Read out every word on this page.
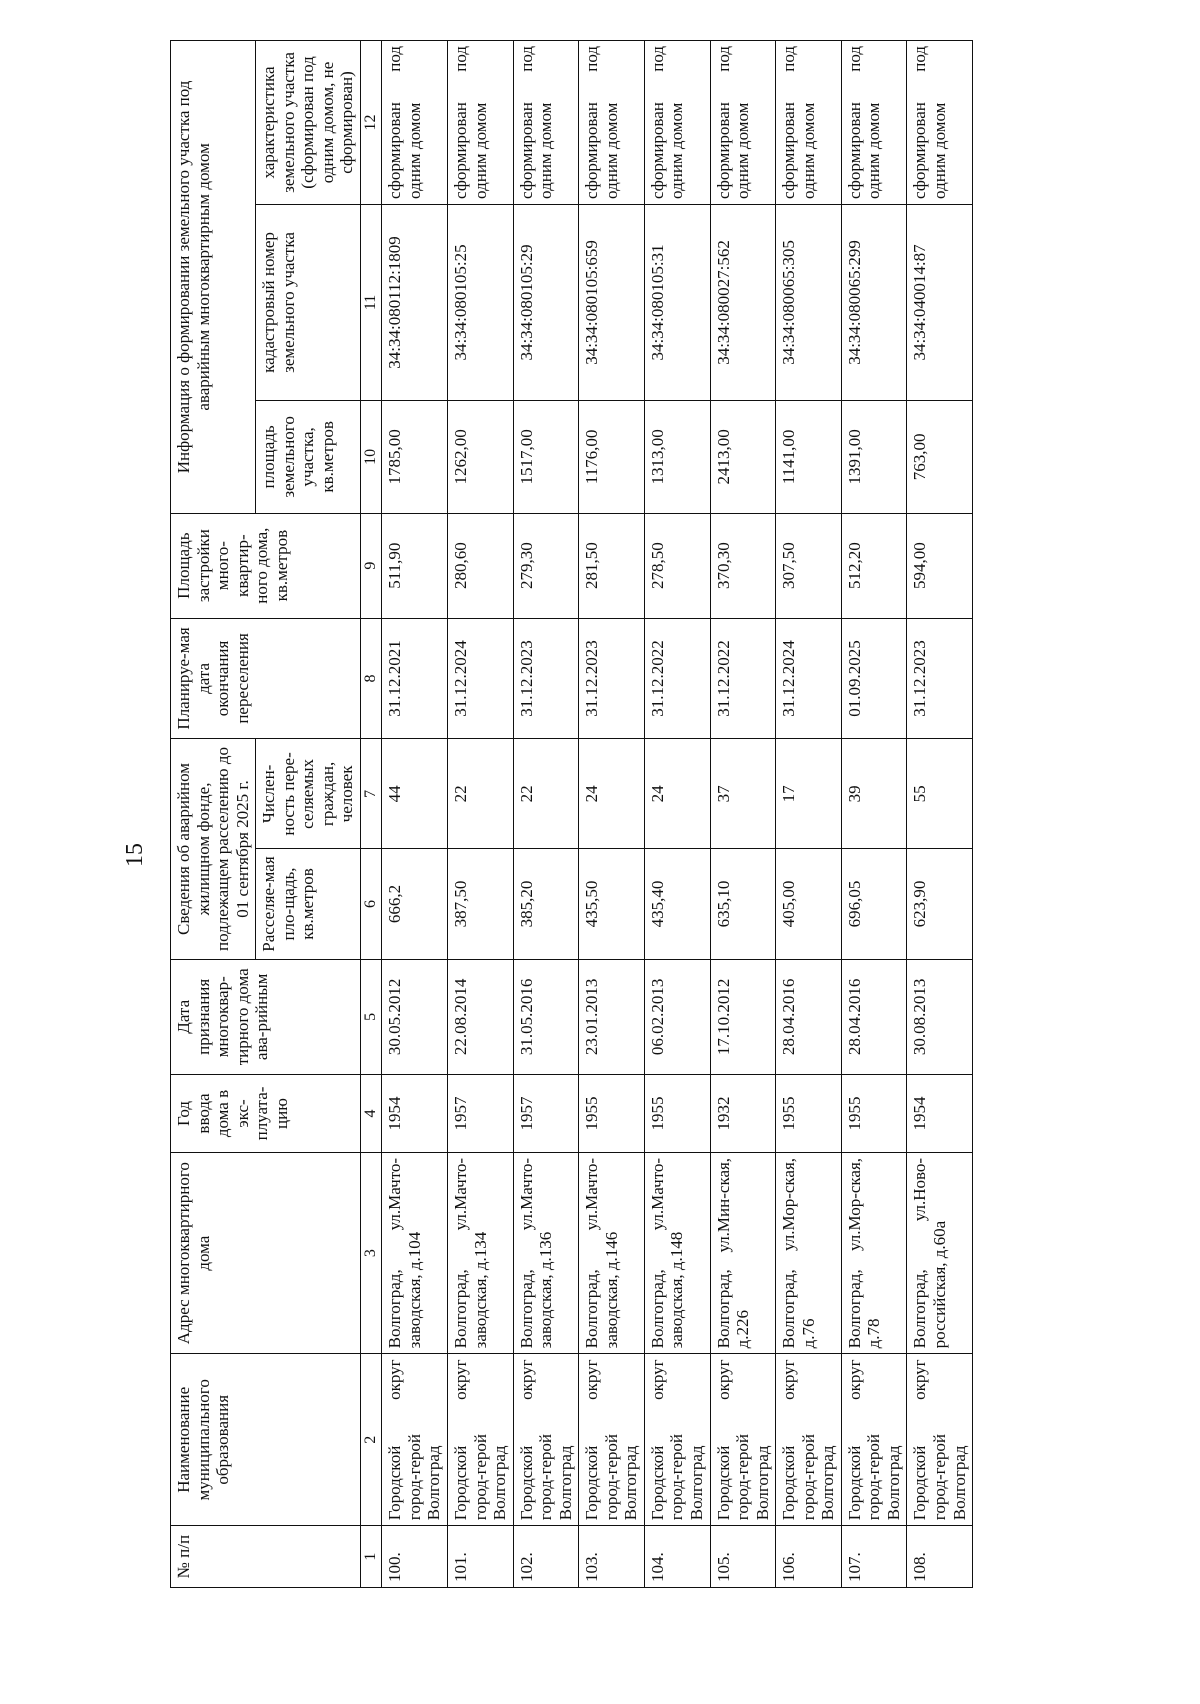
15
№ п/п	Наименование муниципального образования	Адрес многоквартирного дома	Год ввода дома в экс-плуата-цию	Дата признания многоквар-тирного дома ава-рийным	Сведения об аварийном жилищном фонде, подлежащем расселению до 01 сентября 2025 г.		Планируе-мая дата окончания переселения	Площадь застройки много-квартир-ного дома, кв.метров	Информация о формировании земельного участка под аварийным многоквартирным домом		
					Расселяе-мая пло-щадь, кв.метров	Числен-ность пере-селяемых граждан, человек			площадь земельного участка, кв.метров	кадастровый номер земельного участка	характеристика земельного участка (сформирован под одним домом, не сформирован)
1	2	3	4	5	6	7	8	9	10	11	12
100.	Городской округ город-герой Волгоград	Волгоград, ул.Мачто-заводская, д.104	1954	30.05.2012	666,2	44	31.12.2021	511,90	1785,00	34:34:080112:1809	сформирован под одним домом
101.	Городской округ город-герой Волгоград	Волгоград, ул.Мачто-заводская, д.134	1957	22.08.2014	387,50	22	31.12.2024	280,60	1262,00	34:34:080105:25	сформирован под одним домом
102.	Городской округ город-герой Волгоград	Волгоград, ул.Мачто-заводская, д.136	1957	31.05.2016	385,20	22	31.12.2023	279,30	1517,00	34:34:080105:29	сформирован под одним домом
103.	Городской округ город-герой Волгоград	Волгоград, ул.Мачто-заводская, д.146	1955	23.01.2013	435,50	24	31.12.2023	281,50	1176,00	34:34:080105:659	сформирован под одним домом
104.	Городской округ город-герой Волгоград	Волгоград, ул.Мачто-заводская, д.148	1955	06.02.2013	435,40	24	31.12.2022	278,50	1313,00	34:34:080105:31	сформирован под одним домом
105.	Городской округ город-герой Волгоград	Волгоград, ул.Мин-ская, д.226	1932	17.10.2012	635,10	37	31.12.2022	370,30	2413,00	34:34:080027:562	сформирован под одним домом
106.	Городской округ город-герой Волгоград	Волгоград, ул.Мор-ская, д.76	1955	28.04.2016	405,00	17	31.12.2024	307,50	1141,00	34:34:080065:305	сформирован под одним домом
107.	Городской округ город-герой Волгоград	Волгоград, ул.Мор-ская, д.78	1955	28.04.2016	696,05	39	01.09.2025	512,20	1391,00	34:34:080065:299	сформирован под одним домом
108.	Городской округ город-герой Волгоград	Волгоград, ул.Ново-российская, д.60а	1954	30.08.2013	623,90	55	31.12.2023	594,00	763,00	34:34:040014:87	сформирован под одним домом
